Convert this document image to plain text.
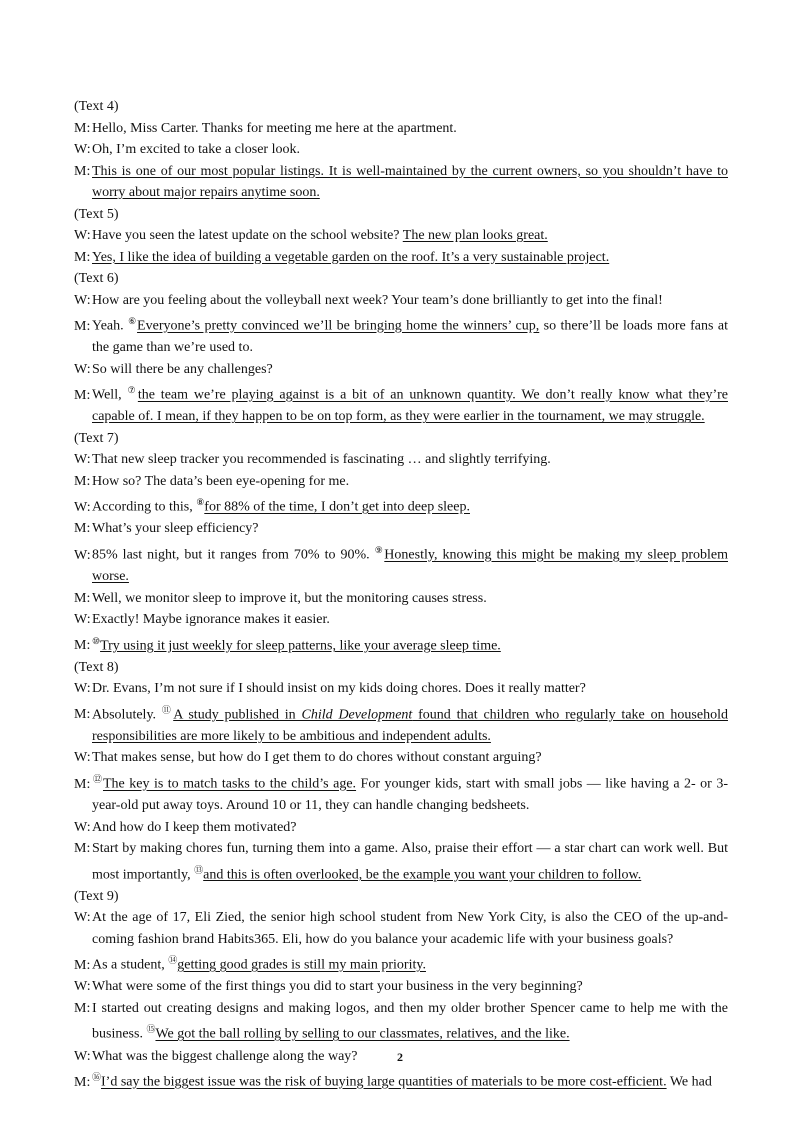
(Text 4)
M: Hello, Miss Carter. Thanks for meeting me here at the apartment.
W:Oh, I’m excited to take a closer look.
M: This is one of our most popular listings. It is well-maintained by the current owners, so you shouldn’t have to worry about major repairs anytime soon.
(Text 5)
W:Have you seen the latest update on the school website? The new plan looks great.
M: Yes, I like the idea of building a vegetable garden on the roof. It’s a very sustainable project.
(Text 6)
W:How are you feeling about the volleyball next week? Your team’s done brilliantly to get into the final!
M: Yeah. ⑥Everyone’s pretty convinced we’ll be bringing home the winners’ cup, so there’ll be loads more fans at the game than we’re used to.
W:So will there be any challenges?
M: Well, ⑦the team we’re playing against is a bit of an unknown quantity. We don’t really know what they’re capable of. I mean, if they happen to be on top form, as they were earlier in the tournament, we may struggle.
(Text 7)
W:That new sleep tracker you recommended is fascinating … and slightly terrifying.
M: How so? The data’s been eye-opening for me.
W:According to this, ⑧for 88% of the time, I don’t get into deep sleep.
M: What’s your sleep efficiency?
W:85% last night, but it ranges from 70% to 90%. ⑨Honestly, knowing this might be making my sleep problem worse.
M: Well, we monitor sleep to improve it, but the monitoring causes stress.
W:Exactly! Maybe ignorance makes it easier.
M: ⑩Try using it just weekly for sleep patterns, like your average sleep time.
(Text 8)
W:Dr. Evans, I’m not sure if I should insist on my kids doing chores. Does it really matter?
M: Absolutely. ⑪A study published in Child Development found that children who regularly take on household responsibilities are more likely to be ambitious and independent adults.
W:That makes sense, but how do I get them to do chores without constant arguing?
M: ⑫The key is to match tasks to the child’s age. For younger kids, start with small jobs — like having a 2- or 3-year-old put away toys. Around 10 or 11, they can handle changing bedsheets.
W:And how do I keep them motivated?
M: Start by making chores fun, turning them into a game. Also, praise their effort — a star chart can work well. But most importantly, ⑬and this is often overlooked, be the example you want your children to follow.
(Text 9)
W:At the age of 17, Eli Zied, the senior high school student from New York City, is also the CEO of the up-and-coming fashion brand Habits365. Eli, how do you balance your academic life with your business goals?
M: As a student, ⑭getting good grades is still my main priority.
W:What were some of the first things you did to start your business in the very beginning?
M: I started out creating designs and making logos, and then my older brother Spencer came to help me with the business. ⑮We got the ball rolling by selling to our classmates, relatives, and the like.
W:What was the biggest challenge along the way?
M: ⑯I’d say the biggest issue was the risk of buying large quantities of materials to be more cost-efficient. We had
2
